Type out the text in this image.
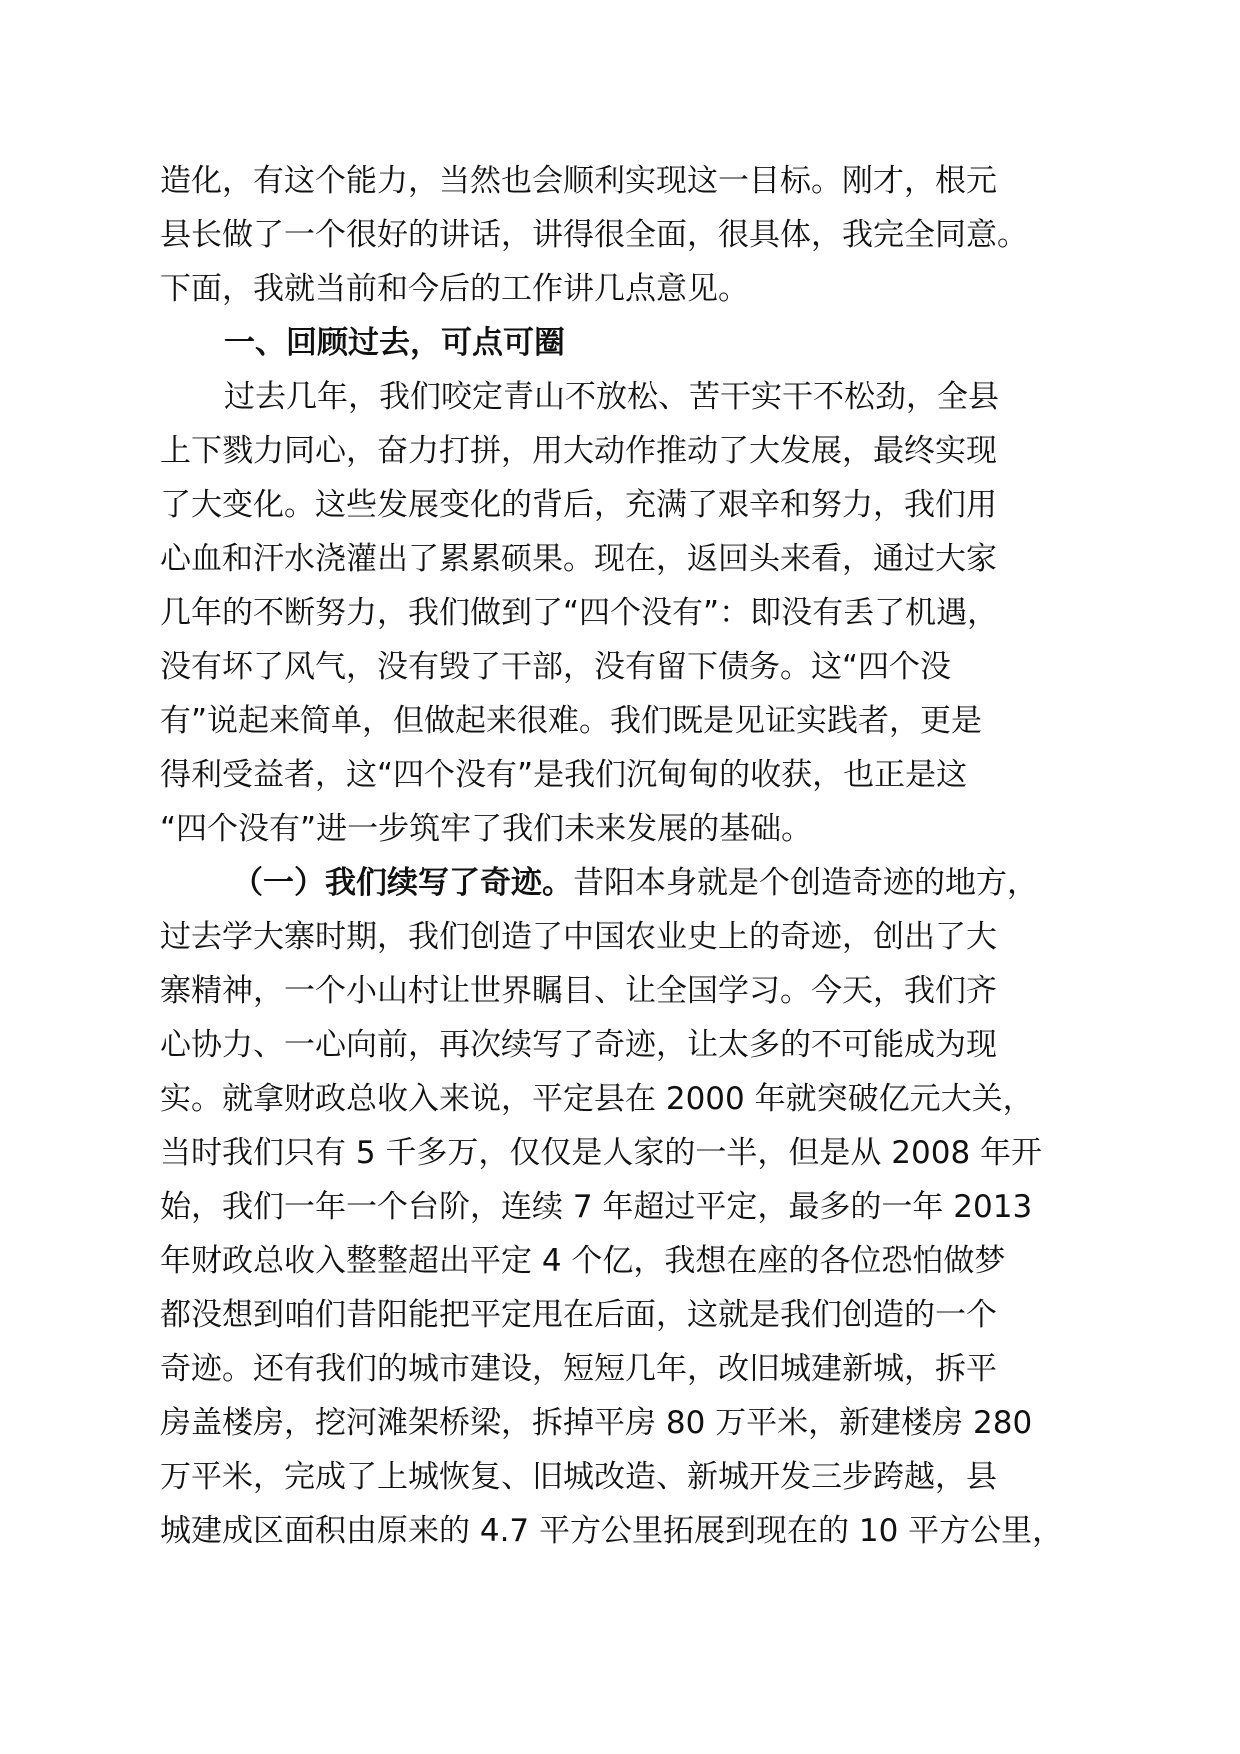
造化，有这个能力，当然也会顺利实现这一目标。刚才，根元
县长做了一个很好的讲话，讲得很全面，很具体，我完全同意。
下面，我就当前和今后的工作讲几点意见。
一、回顾过去，可点可圈
过去几年，我们咬定青山不放松、苦干实干不松劲，全县
上下戮力同心，奋力打拼，用大动作推动了大发展，最终实现
了大变化。这些发展变化的背后，充满了艰辛和努力，我们用
心血和汗水浇灌出了累累硕果。现在，返回头来看，通过大家
几年的不断努力，我们做到了“四个没有”：即没有丢了机遇，
没有坏了风气，没有毁了干部，没有留下债务。这“四个没
有”说起来简单，但做起来很难。我们既是见证实践者，更是
得利受益者，这“四个没有”是我们沉甸甸的收获，也正是这
“四个没有”进一步筑牢了我们未来发展的基础。
（一）我们续写了奇迹。昔阳本身就是个创造奇迹的地方，
过去学大寨时期，我们创造了中国农业史上的奇迹，创出了大
寨精神，一个小山村让世界瞩目、让全国学习。今天，我们齐
心协力、一心向前，再次续写了奇迹，让太多的不可能成为现
实。就拿财政总收入来说，平定县在 2000 年就突破亿元大关，
当时我们只有 5 千多万，仅仅是人家的一半，但是从 2008 年开
始，我们一年一个台阶，连续 7 年超过平定，最多的一年 2013
年财政总收入整整超出平定 4 个亿，我想在座的各位恐怕做梦
都没想到咱们昔阳能把平定甩在后面，这就是我们创造的一个
奇迹。还有我们的城市建设，短短几年，改旧城建新城，拆平
房盖楼房，挖河滩架桥梁，拆掉平房 80 万平米，新建楼房 280
万平米，完成了上城恢复、旧城改造、新城开发三步跨越，县
城建成区面积由原来的 4.7 平方公里拓展到现在的 10 平方公里，
